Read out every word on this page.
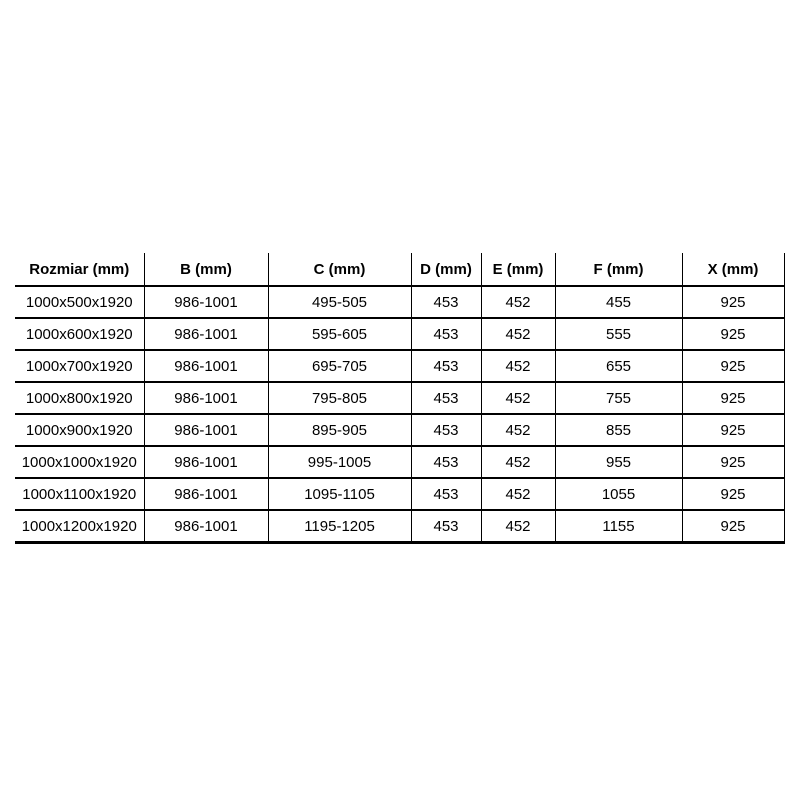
Rozmiar (mm)	B (mm)	C (mm)	D (mm)	E (mm)	F (mm)	X (mm)
1000x500x1920	986-1001	495-505	453	452	455	925
1000x600x1920	986-1001	595-605	453	452	555	925
1000x700x1920	986-1001	695-705	453	452	655	925
1000x800x1920	986-1001	795-805	453	452	755	925
1000x900x1920	986-1001	895-905	453	452	855	925
1000x1000x1920	986-1001	995-1005	453	452	955	925
1000x1100x1920	986-1001	1095-1105	453	452	1055	925
1000x1200x1920	986-1001	1195-1205	453	452	1155	925
